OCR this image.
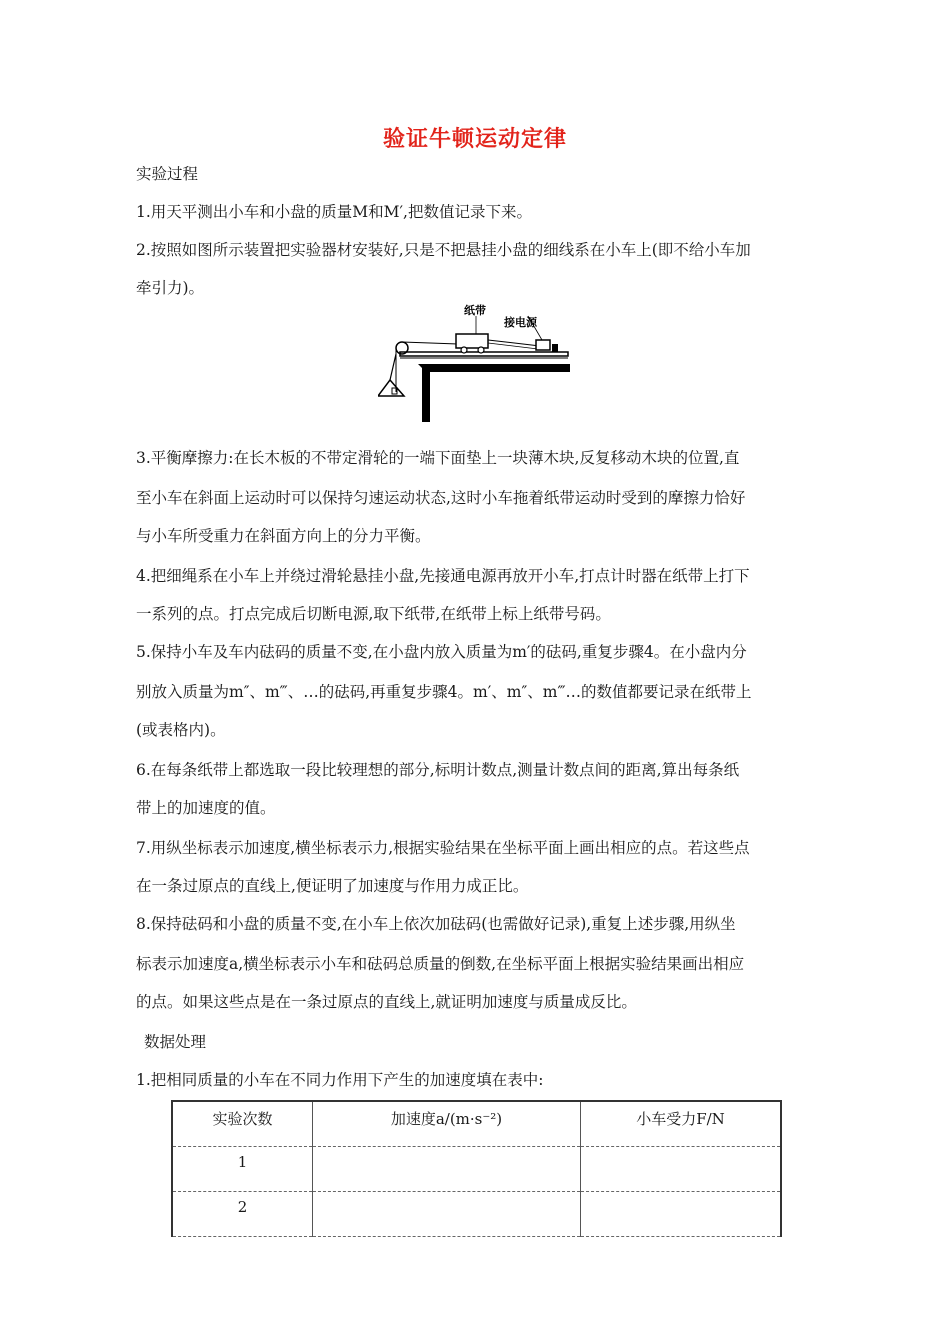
验证牛顿运动定律
实验过程
1.用天平测出小车和小盘的质量M和M′,把数值记录下来。
2.按照如图所示装置把实验器材安装好,只是不把悬挂小盘的细线系在小车上(即不给小车加
牵引力)。
纸带
接电源
3.平衡摩擦力:在长木板的不带定滑轮的一端下面垫上一块薄木块,反复移动木块的位置,直
至小车在斜面上运动时可以保持匀速运动状态,这时小车拖着纸带运动时受到的摩擦力恰好
与小车所受重力在斜面方向上的分力平衡。
4.把细绳系在小车上并绕过滑轮悬挂小盘,先接通电源再放开小车,打点计时器在纸带上打下
一系列的点。打点完成后切断电源,取下纸带,在纸带上标上纸带号码。
5.保持小车及车内砝码的质量不变,在小盘内放入质量为m′的砝码,重复步骤4。在小盘内分
别放入质量为m″、m‴、…的砝码,再重复步骤4。m′、m″、m‴…的数值都要记录在纸带上
(或表格内)。
6.在每条纸带上都选取一段比较理想的部分,标明计数点,测量计数点间的距离,算出每条纸
带上的加速度的值。
7.用纵坐标表示加速度,横坐标表示力,根据实验结果在坐标平面上画出相应的点。若这些点
在一条过原点的直线上,便证明了加速度与作用力成正比。
8.保持砝码和小盘的质量不变,在小车上依次加砝码(也需做好记录),重复上述步骤,用纵坐
标表示加速度a,横坐标表示小车和砝码总质量的倒数,在坐标平面上根据实验结果画出相应
的点。如果这些点是在一条过原点的直线上,就证明加速度与质量成反比。
数据处理
1.把相同质量的小车在不同力作用下产生的加速度填在表中:
实验次数	加速度a/(m·s⁻²)	小车受力F/N
1		
2		
